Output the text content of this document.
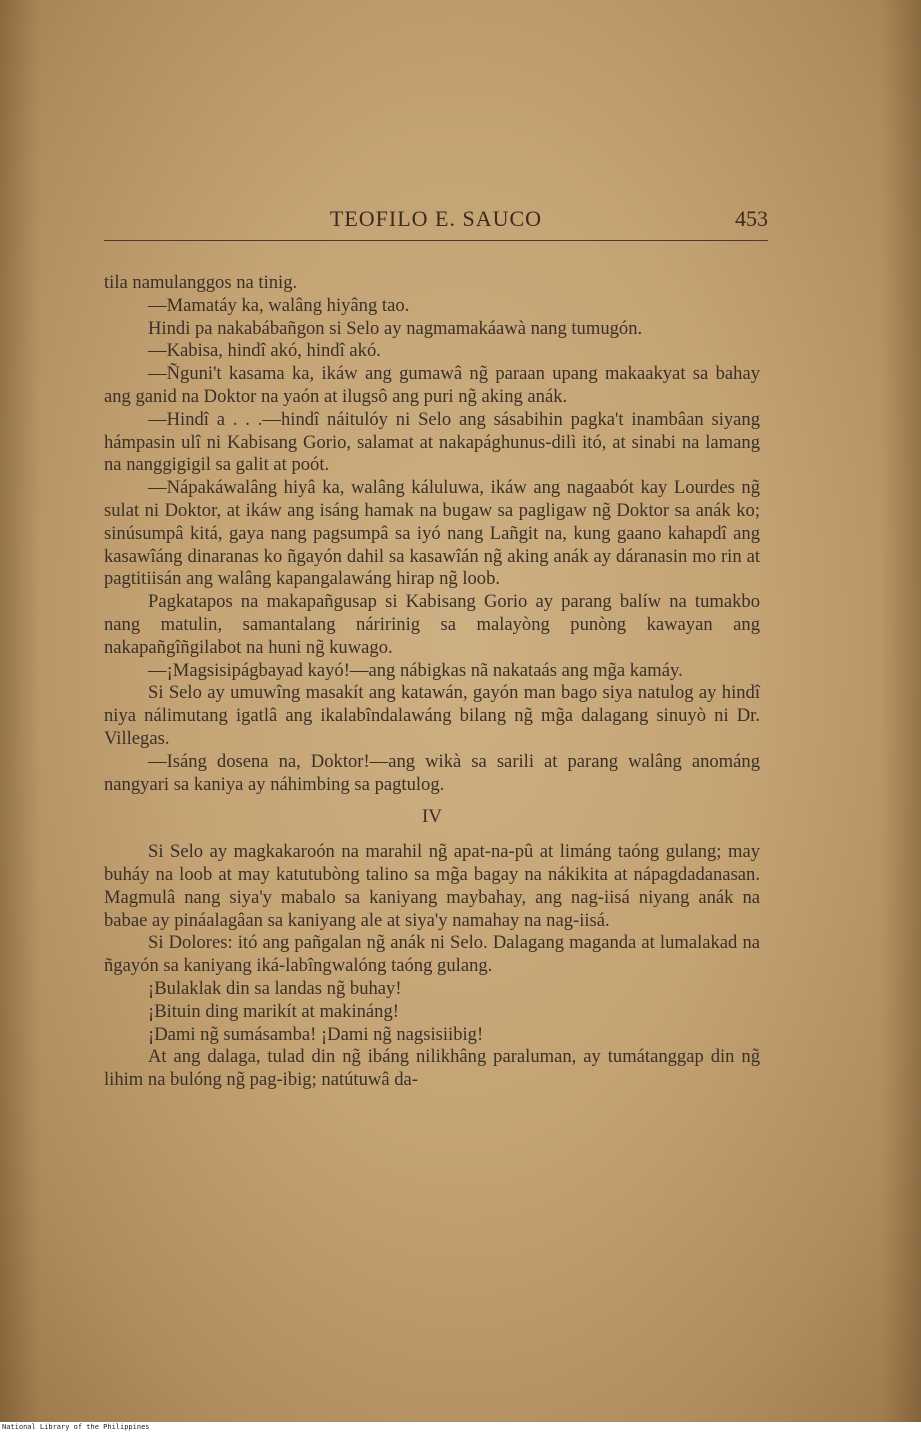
TEOFILO E. SAUCO	453

tila namulanggos na tinig.

—Mamatáy ka, walâng hiyâng tao.

Hindi pa nakabábañgon si Selo ay nagmamakáawà nang tumugón.

—Kabisa, hindî akó, hindî akó.

—Ñguni't kasama ka, ikáw ang gumawâ ng̃ paraan upang makaakyat sa bahay ang ganid na Doktor na yaón at ilugsô ang puri ng̃ aking anák.

—Hindî a . . .—hindî náitulóy ni Selo ang sásabihin pagka't inambâan siyang hámpasin ulî ni Kabisang Gorio, salamat at nakapághunus-dilì itó, at sinabi na lamang na nanggigigil sa galit at poót.

—Nápakáwalâng hiyâ ka, walâng káluluwa, ikáw ang nagaabót kay Lourdes ng̃ sulat ni Doktor, at ikáw ang isáng hamak na bugaw sa pagligaw ng̃ Doktor sa anák ko; sinúsumpâ kitá, gaya nang pagsumpâ sa iyó nang Lañgit na, kung gaano kahapdî ang kasawîáng dinaranas ko ñgayón dahil sa kasawîán ng̃ aking anák ay dáranasin mo rin at pagtitiisán ang walâng kapangalawáng hirap ng̃ loob.

Pagkatapos na makapañgusap si Kabisang Gorio ay parang balíw na tumakbo nang matulin, samantalang náririnig sa malayòng punòng kawayan ang nakapañgîñgilabot na huni ng̃ kuwago.

—¡Magsisipágbayad kayó!—ang nábigkas nã nakataás ang mg̃a kamáy.

Si Selo ay umuwîng masakít ang katawán, gayón man bago siya natulog ay hindî niya nálimutang igatlâ ang ikalabîndalawáng bilang ng̃ mg̃a dalagang sinuyò ni Dr. Villegas.

—Isáng dosena na, Doktor!—ang wikà sa sarili at parang walâng anománg nangyari sa kaniya ay náhimbing sa pagtulog.

IV

Si Selo ay magkakaroón na marahil ng̃ apat-na-pû at limáng taóng gulang; may buháy na loob at may katutubòng talino sa mg̃a bagay na nákikita at nápagdadanasan. Magmulâ nang siya'y mabalo sa kaniyang maybahay, ang nag-iisá niyang anák na babae ay pináalagâan sa kaniyang ale at siya'y namahay na nag-iisá.

Si Dolores: itó ang pañgalan ng̃ anák ni Selo. Dalagang maganda at lumalakad na ñgayón sa kaniyang iká-labîngwalóng taóng gulang.

¡Bulaklak din sa landas ng̃ buhay!

¡Bituin ding marikít at makináng!

¡Dami ng̃ sumásamba! ¡Dami ng̃ nagsisiibig!

At ang dalaga, tulad din ng̃ ibáng nilikhâng paraluman, ay tumátanggap din ng̃ lihim na bulóng ng̃ pag-ibig; natútuwâ da-

National Library of the Philippines
